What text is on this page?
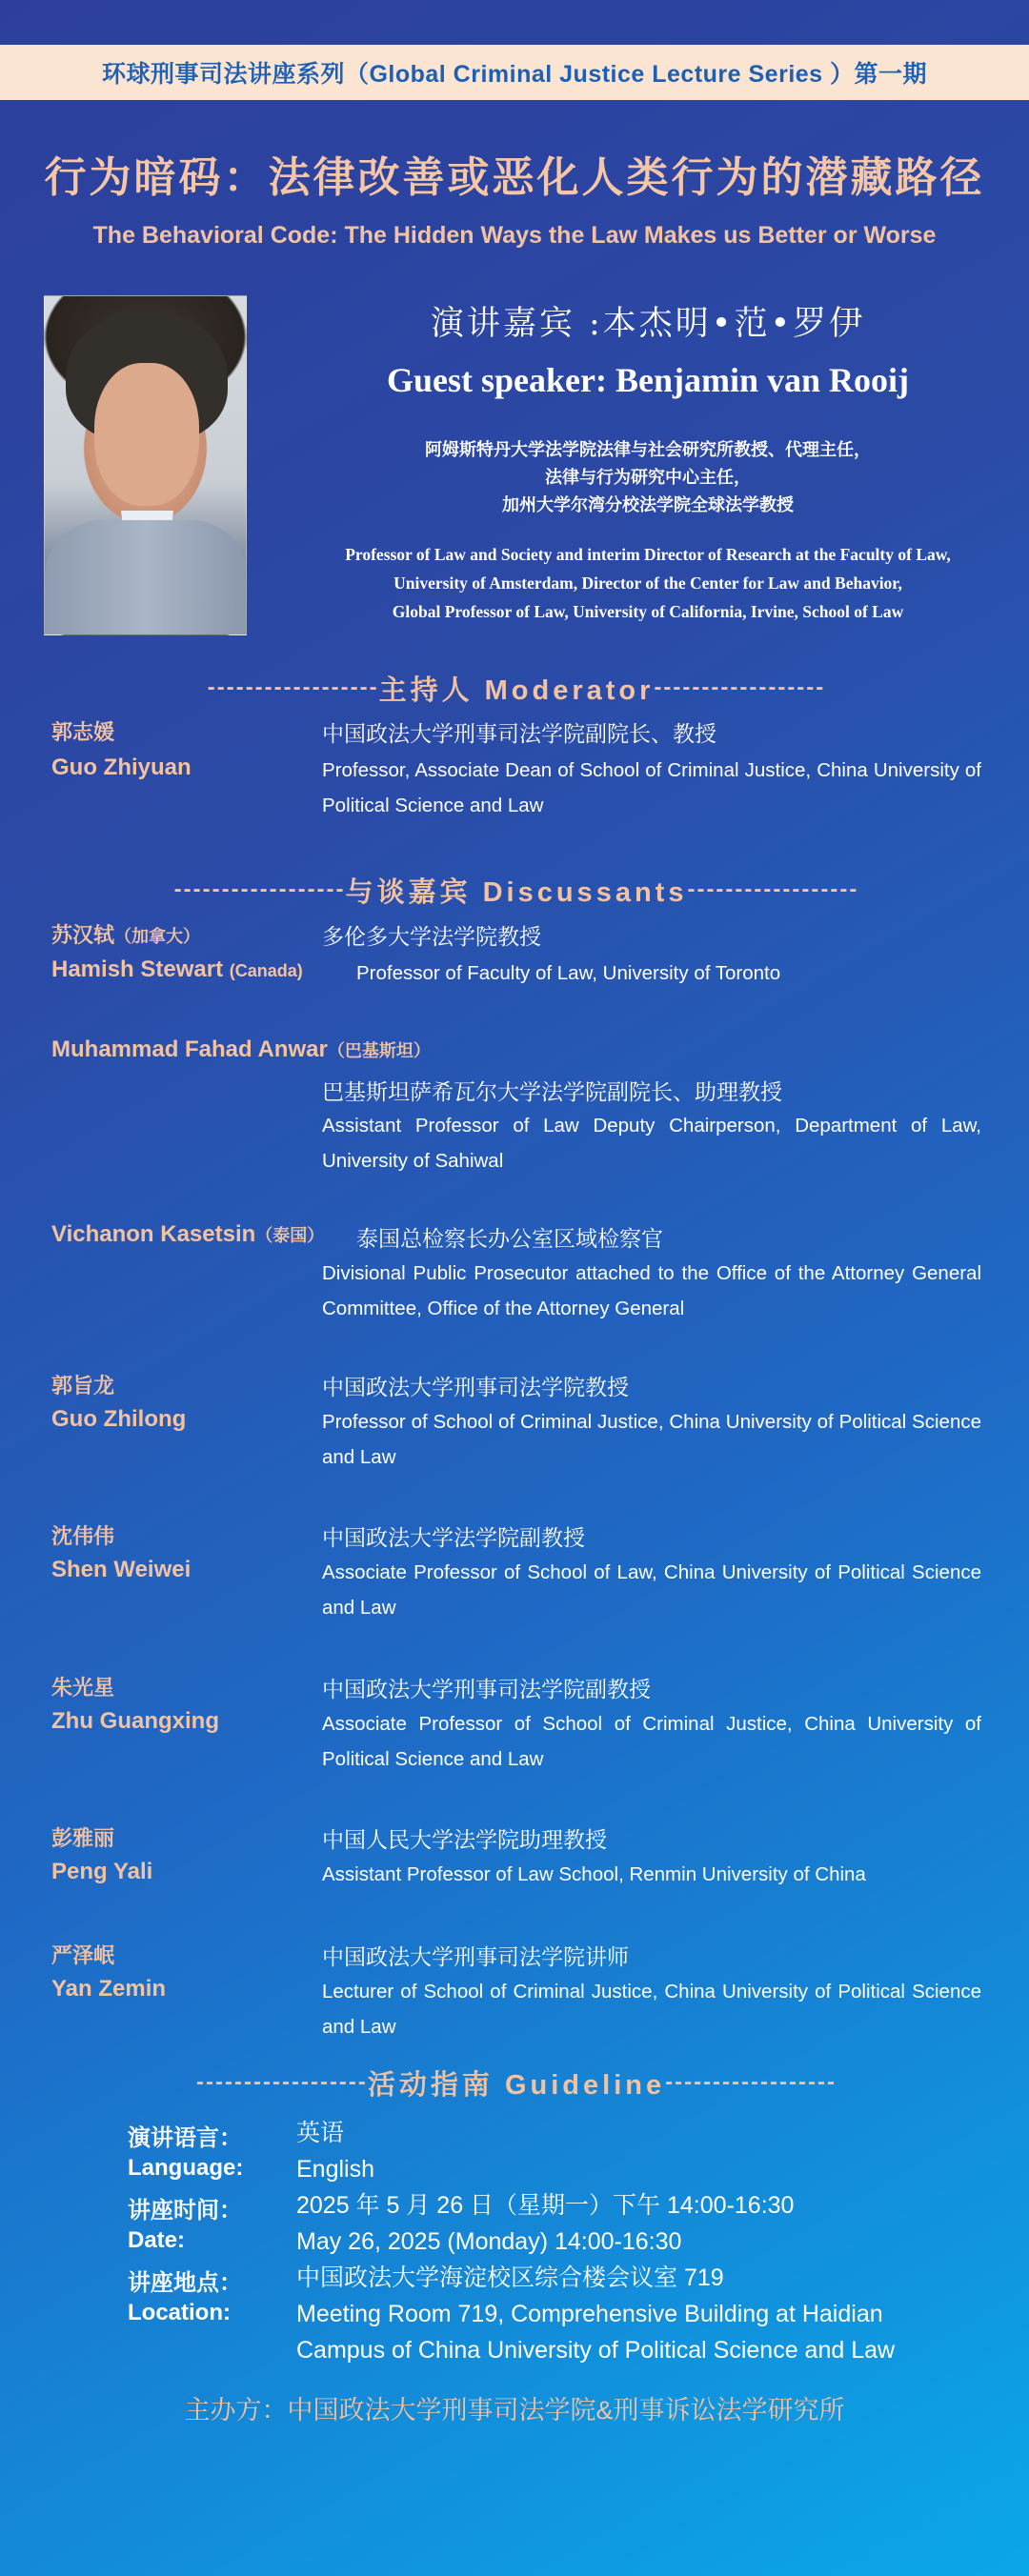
环球刑事司法讲座系列（Global Criminal Justice Lecture Series ）第一期
行为暗码：法律改善或恶化人类行为的潜藏路径
The Behavioral Code: The Hidden Ways the Law Makes us Better or Worse
演讲嘉宾 :本杰明•范•罗伊
Guest speaker: Benjamin van Rooij
阿姆斯特丹大学法学院法律与社会研究所教授、代理主任，
法律与行为研究中心主任，
加州大学尔湾分校法学院全球法学教授
Professor of Law and Society and interim Director of Research at the Faculty of Law,
University of Amsterdam, Director of the Center for Law and Behavior,
Global Professor of Law, University of California, Irvine, School of Law
------------------ 主持人 Moderator ------------------
郭志媛
Guo Zhiyuan
中国政法大学刑事司法学院副院长、教授
Professor, Associate Dean of School of Criminal Justice, China University of Political Science and Law
------------------ 与谈嘉宾 Discussants ------------------
苏汉轼（加拿大）
Hamish Stewart (Canada)
多伦多大学法学院教授
Professor of Faculty of Law, University of Toronto
Muhammad Fahad Anwar（巴基斯坦）
巴基斯坦萨希瓦尔大学法学院副院长、助理教授
Assistant Professor of Law Deputy Chairperson, Department of Law, University of Sahiwal
Vichanon Kasetsin（泰国） 泰国总检察长办公室区域检察官
Divisional Public Prosecutor attached to the Office of the Attorney General Committee, Office of the Attorney General
郭旨龙
Guo Zhilong
中国政法大学刑事司法学院教授
Professor of School of Criminal Justice, China University of Political Science and Law
沈伟伟
Shen Weiwei
中国政法大学法学院副教授
Associate Professor of School of Law, China University of Political Science and Law
朱光星
Zhu Guangxing
中国政法大学刑事司法学院副教授
Associate Professor of School of Criminal Justice, China University of Political Science and Law
彭雅丽
Peng Yali
中国人民大学法学院助理教授
Assistant Professor of Law School, Renmin University of China
严泽岷
Yan Zemin
中国政法大学刑事司法学院讲师
Lecturer of School of Criminal Justice, China University of Political Science and Law
------------------ 活动指南 Guideline ------------------
演讲语言： 英语
Language: English
讲座时间： 2025 年 5 月 26 日（星期一）下午 14:00-16:30
Date:	May 26, 2025 (Monday) 14:00-16:30
讲座地点： 中国政法大学海淀校区综合楼会议室 719
Location:	Meeting Room 719, Comprehensive Building at Haidian Campus of China University of Political Science and Law
主办方：中国政法大学刑事司法学院&刑事诉讼法学研究所
